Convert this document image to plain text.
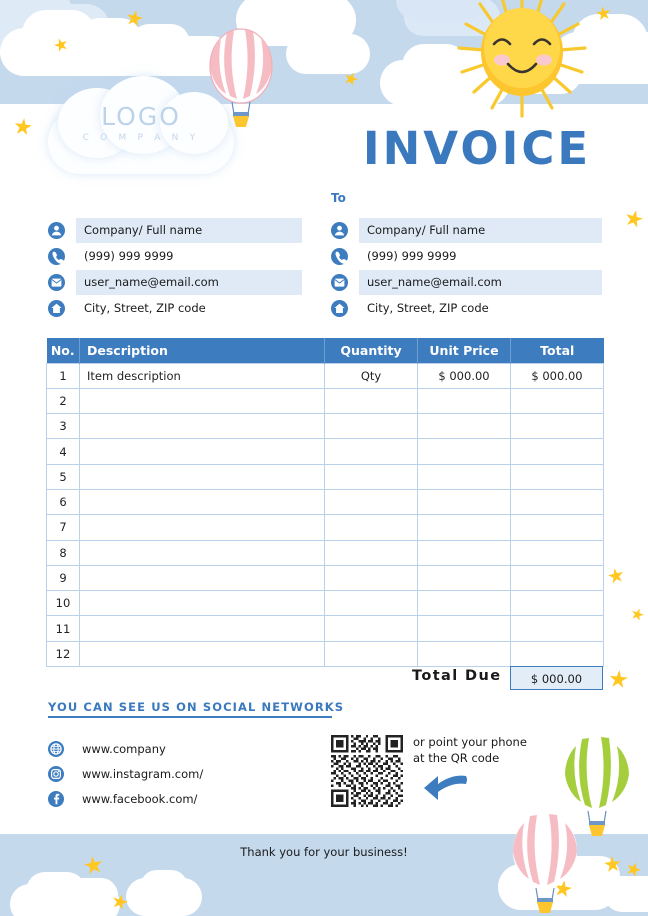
LOGO
C O M P A N Y	INVOICE
To
Company/ Full name
(999) 999 9999
user_name@email.com
City, Street, ZIP code
Company/ Full name
(999) 999 9999
user_name@email.com
City, Street, ZIP code
No.	Description	Quantity	Unit Price	Total
1	Item description	Qty	$ 000.00	$ 000.00
2				
3				
4				
5				
6				
7				
8				
9				
10				
11				
12				
Total Due	$ 000.00
YOU CAN SEE US ON SOCIAL NETWORKS
www.company
www.instagram.com/
www.facebook.com/
or point your phone
at the QR code
Thank you for your business!
